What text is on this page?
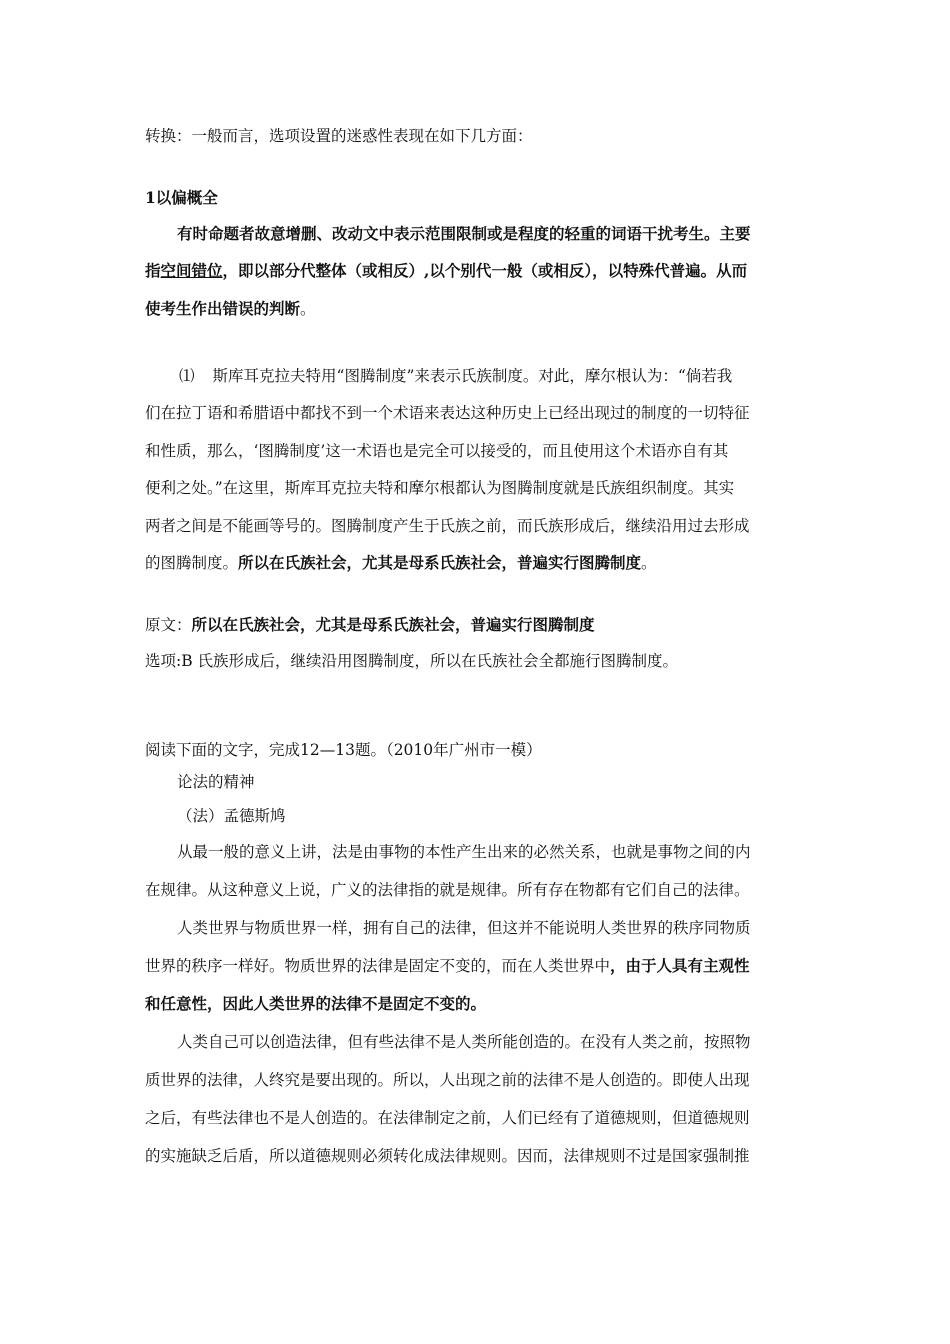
转换：一般而言，选项设置的迷惑性表现在如下几方面：
1以偏概全
有时命题者故意增删、改动文中表示范围限制或是程度的轻重的词语干扰考生。主要
指空间错位，即以部分代整体（或相反）,以个别代一般（或相反），以特殊代普遍。从而
使考生作出错误的判断。
⑴ 斯库耳克拉夫特用“图腾制度”来表示氏族制度。对此，摩尔根认为：“倘若我
们在拉丁语和希腊语中都找不到一个术语来表达这种历史上已经出现过的制度的一切特征
和性质，那么，‘图腾制度’这一术语也是完全可以接受的，而且使用这个术语亦自有其
便利之处。”在这里，斯库耳克拉夫特和摩尔根都认为图腾制度就是氏族组织制度。其实
两者之间是不能画等号的。图腾制度产生于氏族之前，而氏族形成后，继续沿用过去形成
的图腾制度。所以在氏族社会，尤其是母系氏族社会，普遍实行图腾制度。
原文：所以在氏族社会，尤其是母系氏族社会，普遍实行图腾制度
选项:B 氏族形成后，继续沿用图腾制度，所以在氏族社会全都施行图腾制度。
阅读下面的文字，完成12—13题。（2010年广州市一模）
论法的精神
（法）孟德斯鸠
从最一般的意义上讲，法是由事物的本性产生出来的必然关系，也就是事物之间的内
在规律。从这种意义上说，广义的法律指的就是规律。所有存在物都有它们自己的法律。
人类世界与物质世界一样，拥有自己的法律，但这并不能说明人类世界的秩序同物质
世界的秩序一样好。物质世界的法律是固定不变的，而在人类世界中，由于人具有主观性
和任意性，因此人类世界的法律不是固定不变的。
人类自己可以创造法律，但有些法律不是人类所能创造的。在没有人类之前，按照物
质世界的法律，人终究是要出现的。所以，人出现之前的法律不是人创造的。即使人出现
之后，有些法律也不是人创造的。在法律制定之前，人们已经有了道德规则，但道德规则
的实施缺乏后盾，所以道德规则必须转化成法律规则。因而，法律规则不过是国家强制推
